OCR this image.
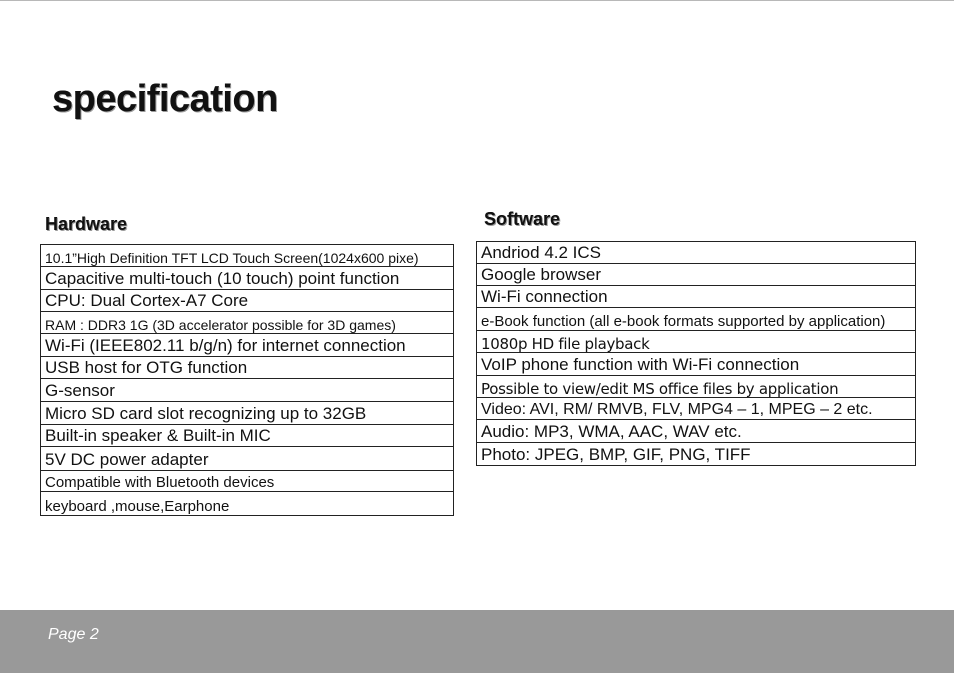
specification
Hardware
10.1”High Definition TFT LCD Touch Screen(1024x600 pixe)
Capacitive multi-touch (10 touch) point function
CPU: Dual Cortex-A7 Core
RAM : DDR3 1G (3D accelerator possible for 3D games)
Wi-Fi (IEEE802.11 b/g/n) for internet connection
USB host for OTG function
G-sensor
Micro SD card slot recognizing up to 32GB
Built-in speaker & Built-in MIC
5V DC power adapter
Compatible with Bluetooth devices
keyboard ,mouse,Earphone
Software
Andriod 4.2 ICS
Google browser
Wi-Fi connection
e-Book function (all e-book formats supported by application)
1080p HD file playback
VoIP phone function with Wi-Fi connection
Possible to view/edit MS office files by application
Video: AVI, RM/ RMVB, FLV, MPG4 – 1, MPEG – 2 etc.
Audio: MP3, WMA, AAC, WAV etc.
Photo: JPEG, BMP, GIF, PNG, TIFF
Page 2
